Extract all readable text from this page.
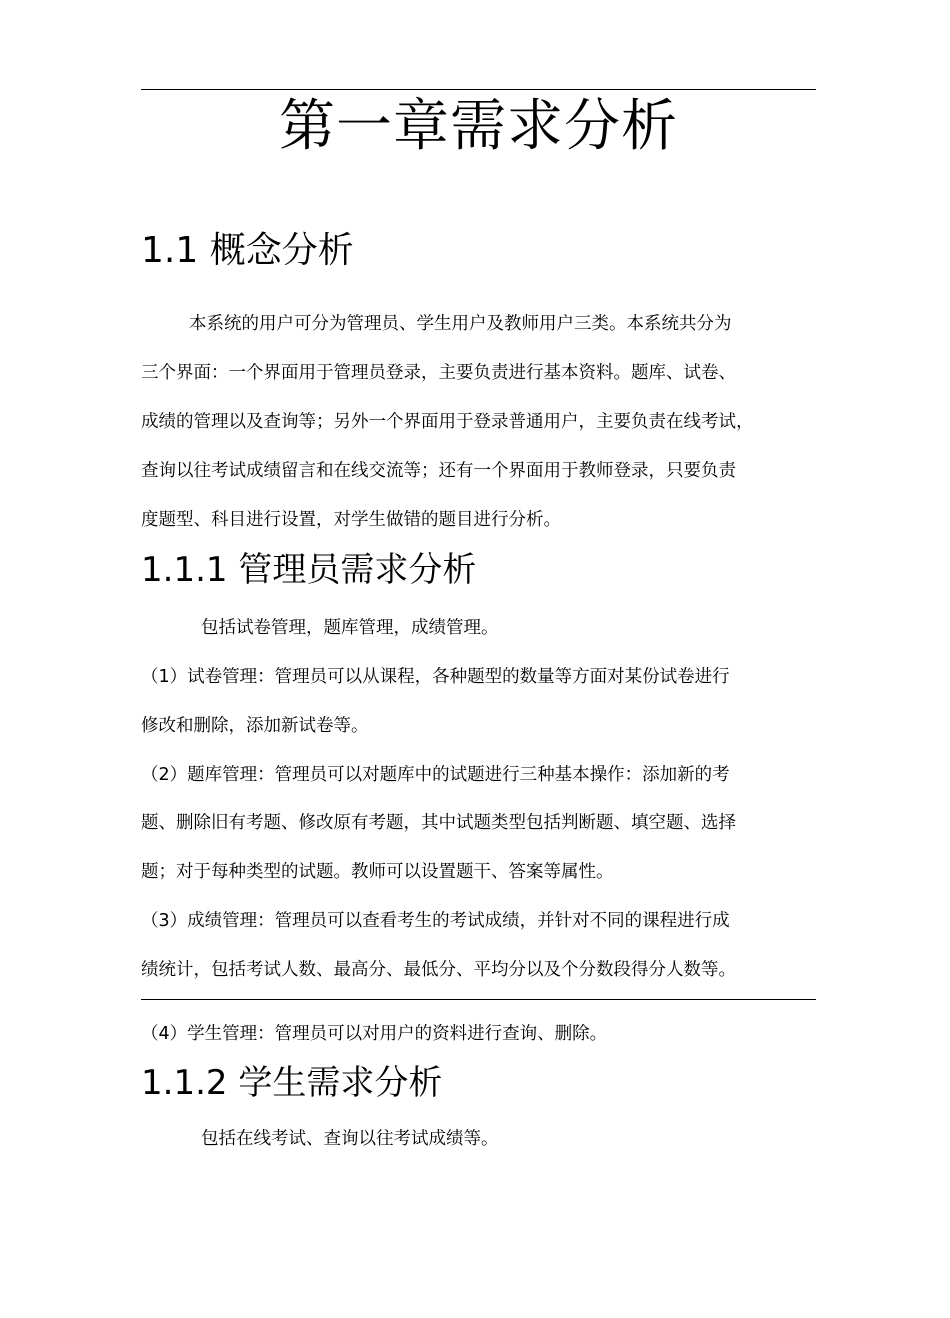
第一章需求分析
1.1 概念分析
本系统的用户可分为管理员、学生用户及教师用户三类。本系统共分为
三个界面：一个界面用于管理员登录，主要负责进行基本资料。题库、试卷、
成绩的管理以及查询等；另外一个界面用于登录普通用户，主要负责在线考试，
查询以往考试成绩留言和在线交流等；还有一个界面用于教师登录，只要负责
度题型、科目进行设置，对学生做错的题目进行分析。
1.1.1 管理员需求分析
包括试卷管理，题库管理，成绩管理。
（1）试卷管理：管理员可以从课程，各种题型的数量等方面对某份试卷进行
修改和删除，添加新试卷等。
（2）题库管理：管理员可以对题库中的试题进行三种基本操作：添加新的考
题、删除旧有考题、修改原有考题，其中试题类型包括判断题、填空题、选择
题；对于每种类型的试题。教师可以设置题干、答案等属性。
（3）成绩管理：管理员可以查看考生的考试成绩，并针对不同的课程进行成
绩统计，包括考试人数、最高分、最低分、平均分以及个分数段得分人数等。
（4）学生管理：管理员可以对用户的资料进行查询、删除。
1.1.2 学生需求分析
包括在线考试、查询以往考试成绩等。
